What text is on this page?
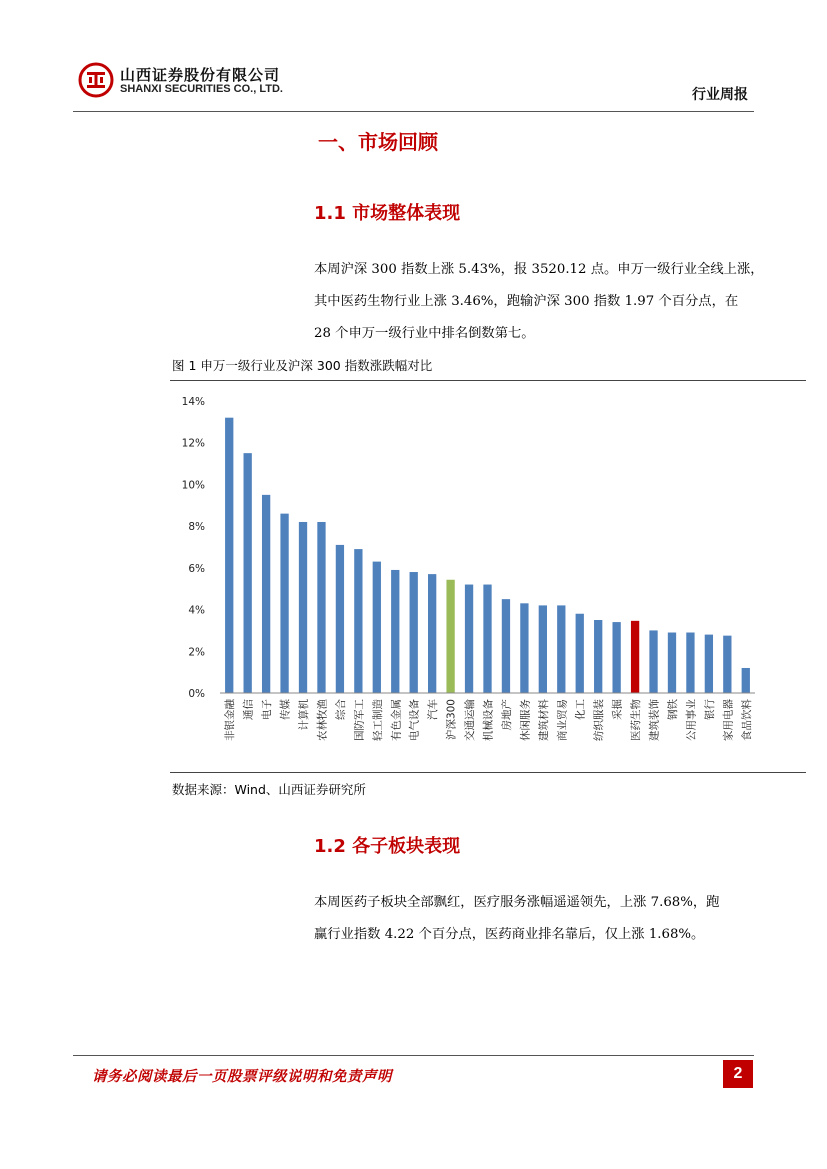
山西证券股份有限公司
SHANXI SECURITIES CO., LTD.	行业周报
一、市场回顾
1.1 市场整体表现
本周沪深 300 指数上涨 5.43%，报 3520.12 点。申万一级行业全线上涨，
其中医药生物行业上涨 3.46%，跑输沪深 300 指数 1.97 个百分点，在
28 个申万一级行业中排名倒数第七。
图 1 申万一级行业及沪深 300 指数涨跌幅对比
0%
2%
4%
6%
8%
10%
12%
14%
非银金融 通信 电子 传媒 计算机 农林牧渔 综合 国防军工 轻工制造 有色金属 电气设备 汽车 沪深300 交通运输 机械设备 房地产 休闲服务 建筑材料 商业贸易 化工 纺织服装 采掘 医药生物 建筑装饰 钢铁 公用事业 银行 家用电器 食品饮料
数据来源：Wind、山西证券研究所
1.2 各子板块表现
本周医药子板块全部飘红，医疗服务涨幅遥遥领先，上涨 7.68%，跑
赢行业指数 4.22 个百分点，医药商业排名靠后，仅上涨 1.68%。
请务必阅读最后一页股票评级说明和免责声明	2
